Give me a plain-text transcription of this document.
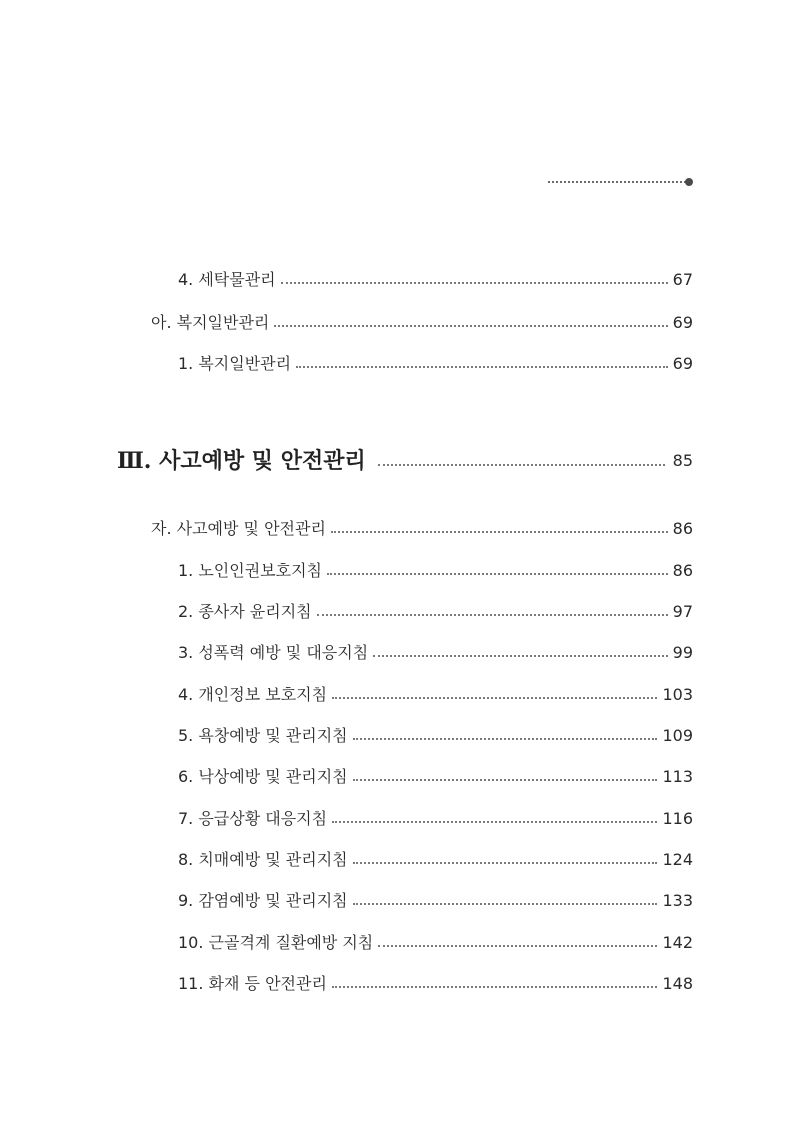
4. 세탁물관리	67
아. 복지일반관리	69
1. 복지일반관리	69
Ⅲ. 사고예방 및 안전관리	85
자. 사고예방 및 안전관리	86
1. 노인인권보호지침	86
2. 종사자 윤리지침	97
3. 성폭력 예방 및 대응지침	99
4. 개인정보 보호지침	103
5. 욕창예방 및 관리지침	109
6. 낙상예방 및 관리지침	113
7. 응급상황 대응지침	116
8. 치매예방 및 관리지침	124
9. 감염예방 및 관리지침	133
10. 근골격계 질환예방 지침	142
11. 화재 등 안전관리	148
